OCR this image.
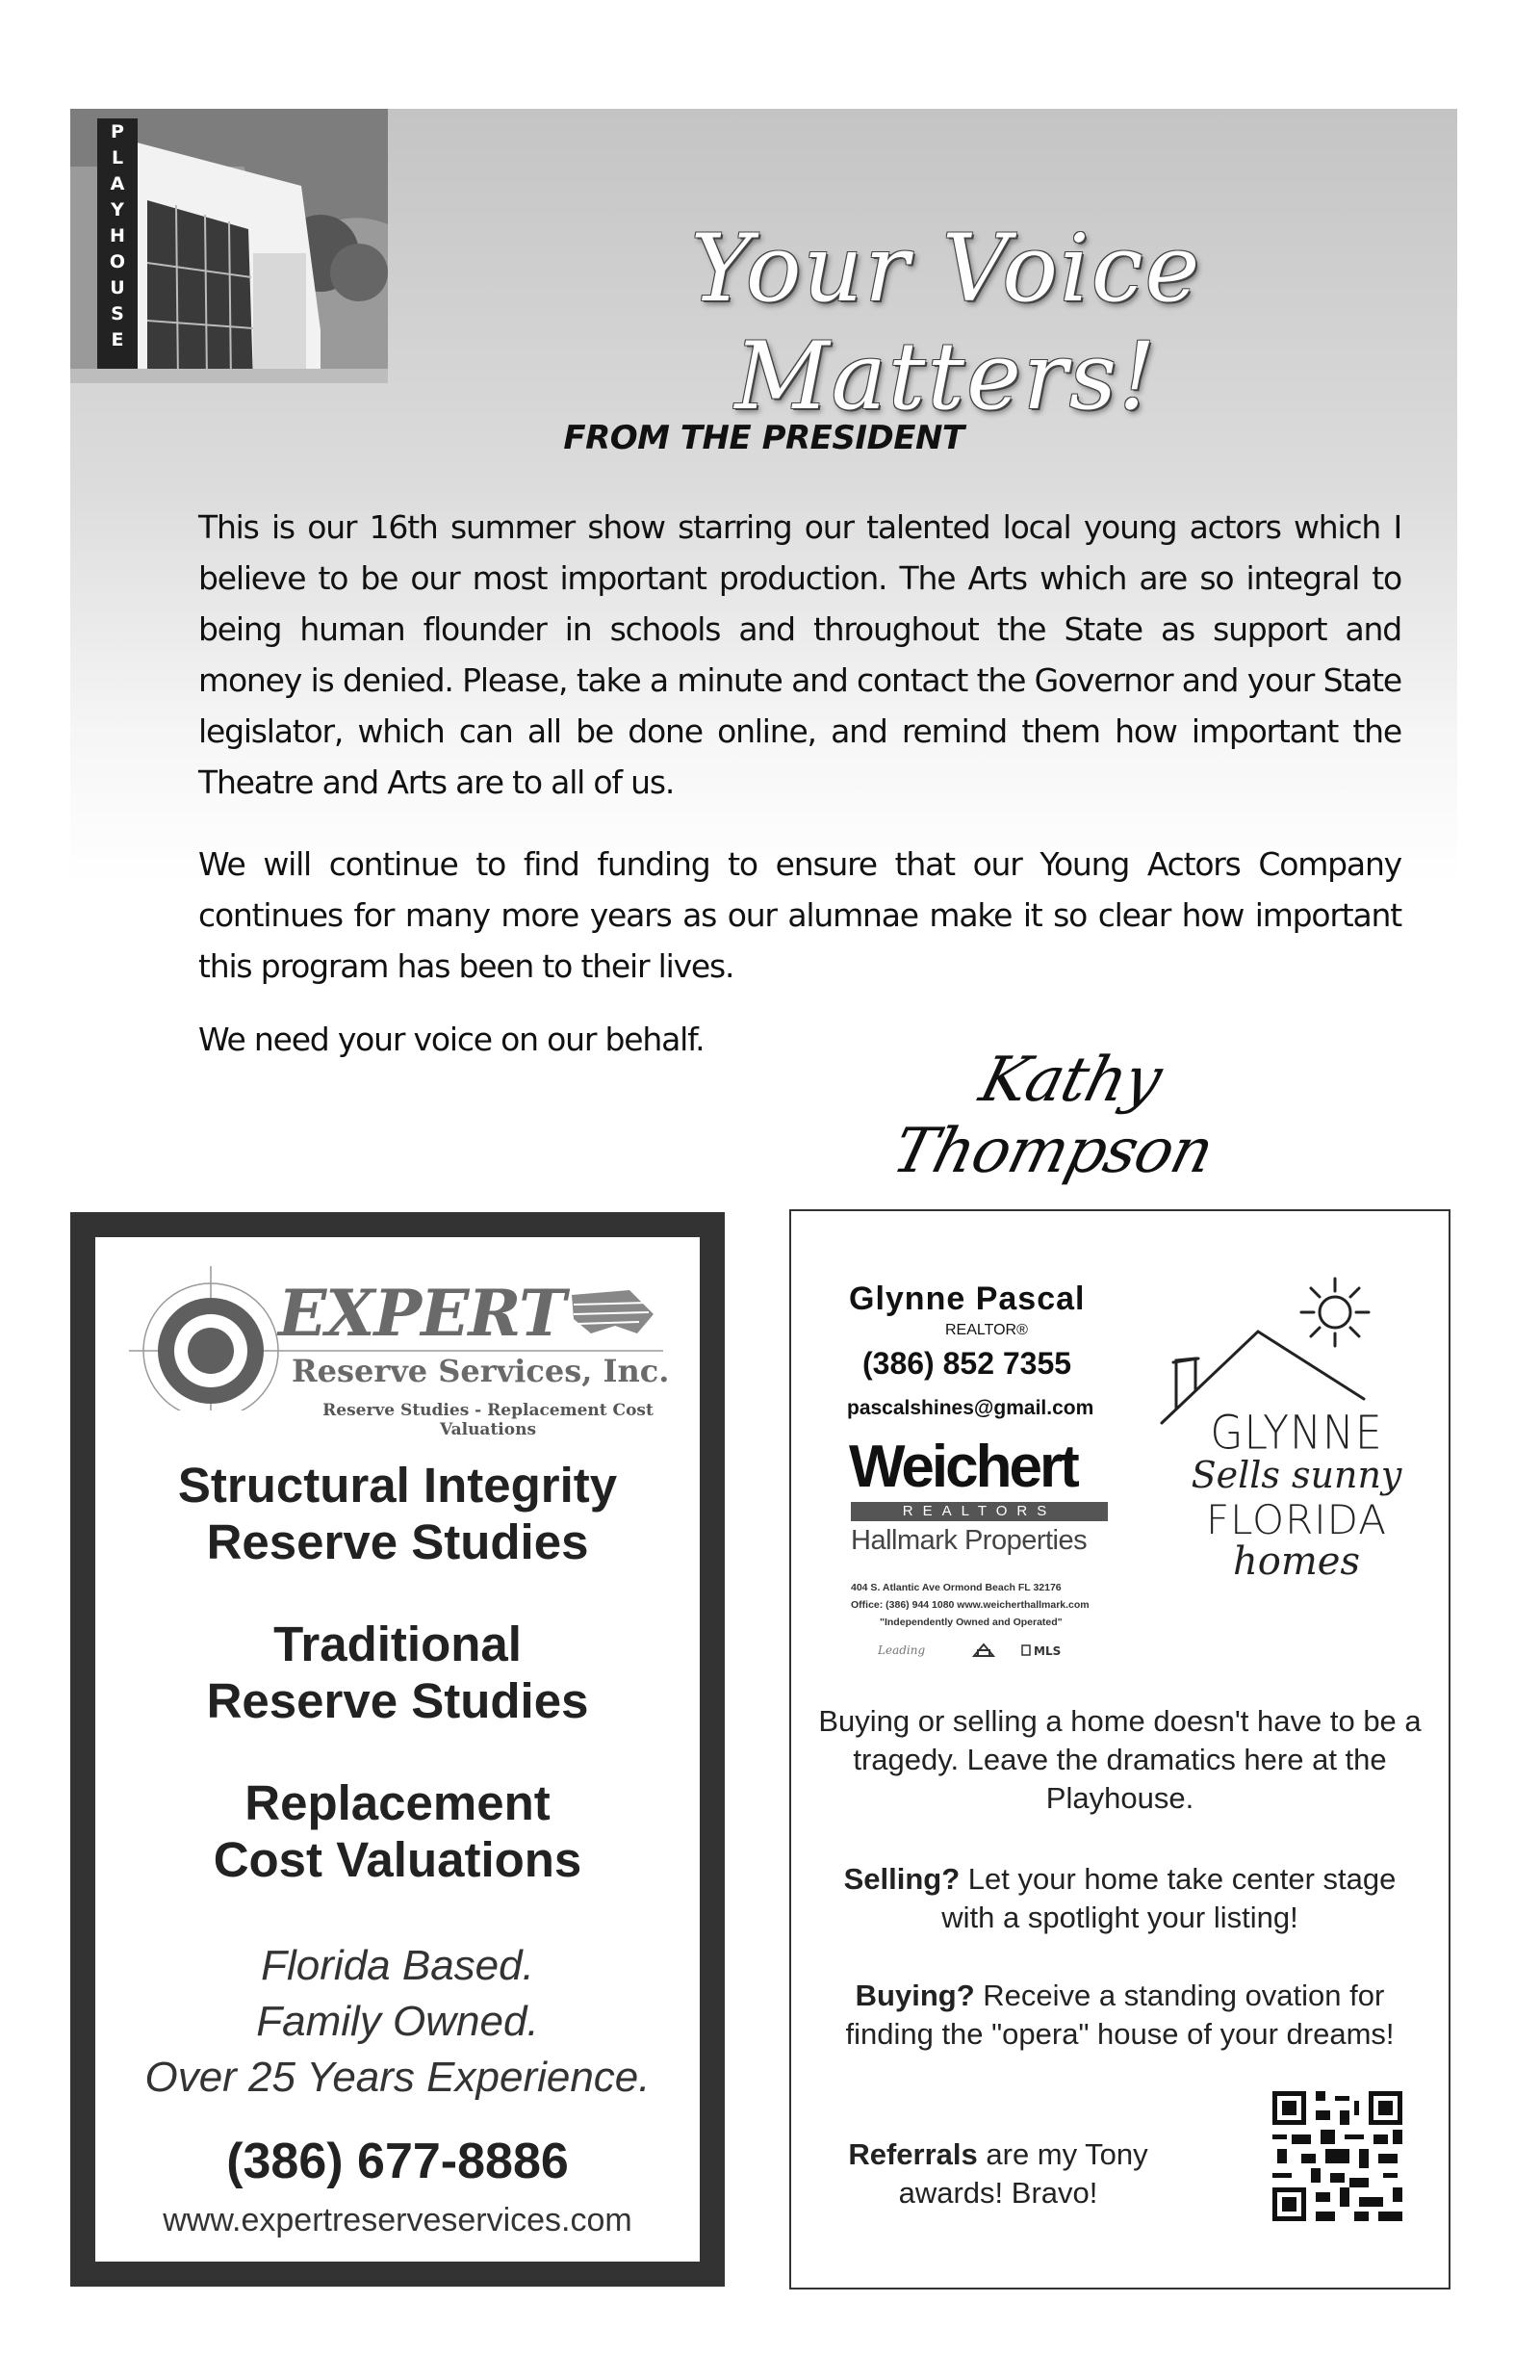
P L A Y H O U S E
Your Voice Matters!
FROM THE PRESIDENT

This is our 16th summer show starring our talented local young actors which I believe to be our most important production. The Arts which are so integral to being human flounder in schools and throughout the State as support and money is denied. Please, take a minute and contact the Governor and your State legislator, which can all be done online, and remind them how important the Theatre and Arts are to all of us.

We will continue to find funding to ensure that our Young Actors Company continues for many more years as our alumnae make it so clear how important this program has been to their lives.

We need your voice on our behalf.

Kathy Thompson
EXPERT
Reserve Services, Inc.
Reserve Studies - Replacement Cost Valuations
Structural Integrity
Reserve Studies
Traditional
Reserve Studies
Replacement
Cost Valuations
Florida Based.
Family Owned.
Over 25 Years Experience.
(386) 677-8886
www.expertreserveservices.com
Glynne Pascal
REALTOR®
(386) 852 7355
pascalshines@gmail.com
Weichert
REALTORS
Hallmark Properties
404 S. Atlantic Ave Ormond Beach FL 32176
Office: (386) 944 1080 www.weicherthallmark.com
"Independently Owned and Operated"
Leading	MLS
GLYNNE
Sells sunny
FLORIDA
homes
Buying or selling a home doesn't have to be a tragedy. Leave the dramatics here at the Playhouse.
Selling? Let your home take center stage with a spotlight your listing!
Buying? Receive a standing ovation for finding the "opera" house of your dreams!
Referrals are my Tony awards! Bravo!
